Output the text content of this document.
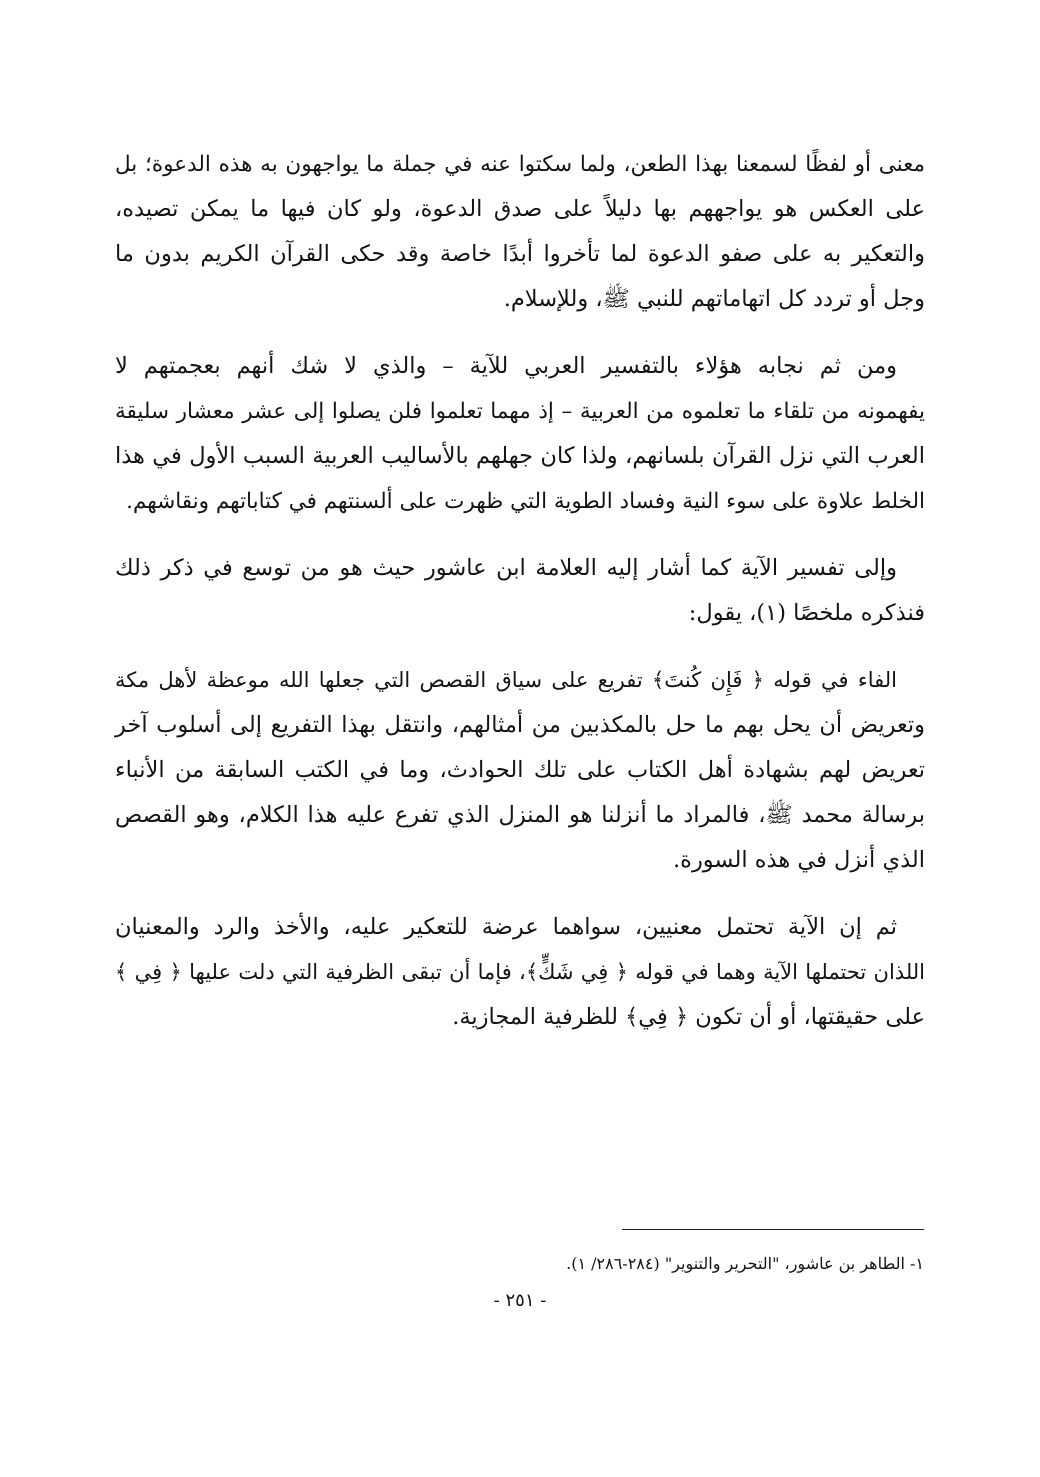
معنى أو لفظًا لسمعنا بهذا الطعن، ولما سكتوا عنه في جملة ما يواجهون به هذه الدعوة؛ بل
على العكس هو يواجههم بها دليلاً على صدق الدعوة، ولو كان فيها ما يمكن تصيده،
والتعكير به على صفو الدعوة لما تأخروا أبدًا خاصة وقد حكى القرآن الكريم بدون ما
وجل أو تردد كل اتهاماتهم للنبي ﷺ، وللإسلام.

ومن ثم نجابه هؤلاء بالتفسير العربي للآية – والذي لا شك أنهم بعجمتهم لا
يفهمونه من تلقاء ما تعلموه من العربية – إذ مهما تعلموا فلن يصلوا إلى عشر معشار سليقة
العرب التي نزل القرآن بلسانهم، ولذا كان جهلهم بالأساليب العربية السبب الأول في هذا
الخلط علاوة على سوء النية وفساد الطوية التي ظهرت على ألسنتهم في كتاباتهم ونقاشهم.

وإلى تفسير الآية كما أشار إليه العلامة ابن عاشور حيث هو من توسع في ذكر ذلك
فنذكره ملخصًا (١)، يقول:

الفاء في قوله ﴿ فَإِن كُنتَ﴾ تفريع على سياق القصص التي جعلها الله موعظة لأهل مكة
وتعريض أن يحل بهم ما حل بالمكذبين من أمثالهم، وانتقل بهذا التفريع إلى أسلوب آخر
تعريض لهم بشهادة أهل الكتاب على تلك الحوادث، وما في الكتب السابقة من الأنباء
برسالة محمد ﷺ، فالمراد ما أنزلنا هو المنزل الذي تفرع عليه هذا الكلام، وهو القصص
الذي أنزل في هذه السورة.

ثم إن الآية تحتمل معنيين، سواهما عرضة للتعكير عليه، والأخذ والرد والمعنيان
اللذان تحتملها الآية وهما في قوله ﴿ فِي شَكٍّ﴾، فإما أن تبقى الظرفية التي دلت عليها ﴿ فِي ﴾
على حقيقتها، أو أن تكون ﴿ فِي﴾ للظرفية المجازية.

١- الطاهر بن عاشور، "التحرير والتنوير" (٢٨٤-٢٨٦/ ١).
- ٢٥١ -
